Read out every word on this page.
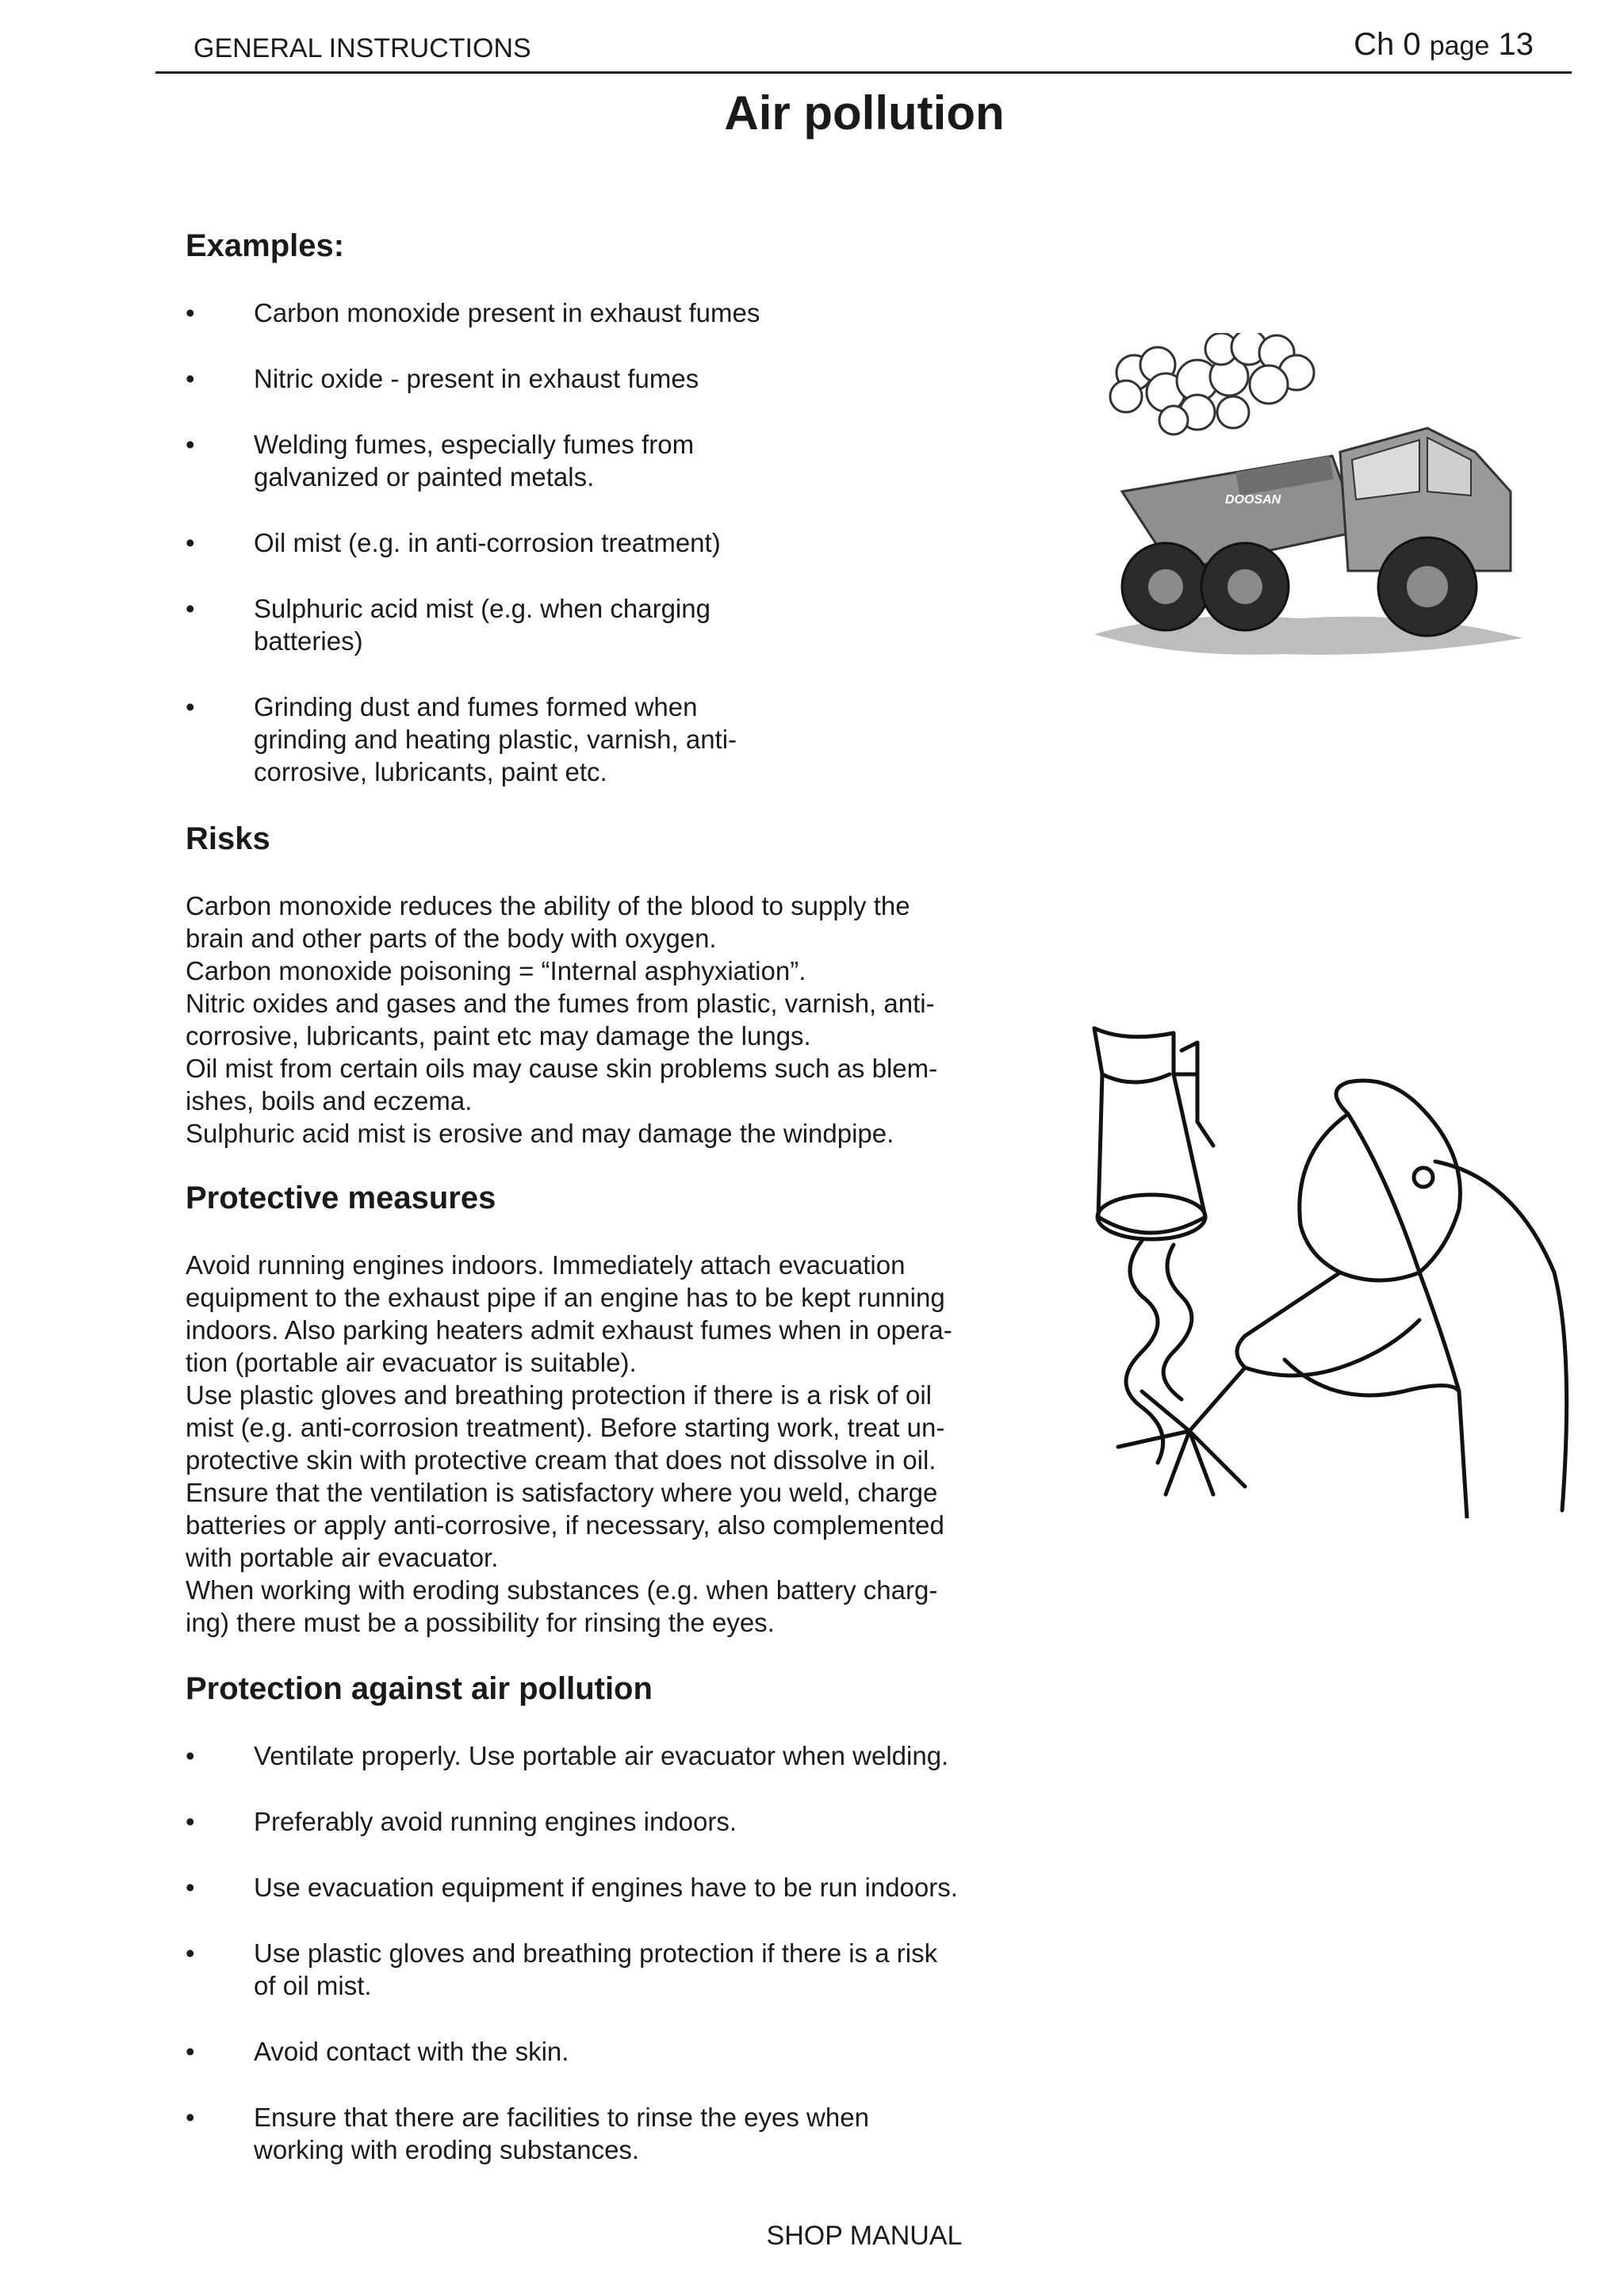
GENERAL INSTRUCTIONS	Ch 0 page 13
Air pollution
Examples:
• Carbon monoxide present in exhaust fumes
• Nitric oxide - present in exhaust fumes
• Welding fumes, especially fumes from
galvanized or painted metals.
• Oil mist (e.g. in anti-corrosion treatment)
• Sulphuric acid mist (e.g. when charging
batteries)
• Grinding dust and fumes formed when
grinding and heating plastic, varnish, anti-
corrosive, lubricants, paint etc.
Risks

Carbon monoxide reduces the ability of the blood to supply the
brain and other parts of the body with oxygen.
Carbon monoxide poisoning = “Internal asphyxiation”.
Nitric oxides and gases and the fumes from plastic, varnish, anti-
corrosive, lubricants, paint etc may damage the lungs.
Oil mist from certain oils may cause skin problems such as blem-
ishes, boils and eczema.
Sulphuric acid mist is erosive and may damage the windpipe.

Protective measures

Avoid running engines indoors. Immediately attach evacuation
equipment to the exhaust pipe if an engine has to be kept running
indoors. Also parking heaters admit exhaust fumes when in opera-
tion (portable air evacuator is suitable).
Use plastic gloves and breathing protection if there is a risk of oil
mist (e.g. anti-corrosion treatment). Before starting work, treat un-
protective skin with protective cream that does not dissolve in oil.
Ensure that the ventilation is satisfactory where you weld, charge
batteries or apply anti-corrosive, if necessary, also complemented
with portable air evacuator.
When working with eroding substances (e.g. when battery charg-
ing) there must be a possibility for rinsing the eyes.

Protection against air pollution
• Ventilate properly. Use portable air evacuator when welding.
• Preferably avoid running engines indoors.
• Use evacuation equipment if engines have to be run indoors.
• Use plastic gloves and breathing protection if there is a risk
of oil mist.
• Avoid contact with the skin.
• Ensure that there are facilities to rinse the eyes when
working with eroding substances.
DOOSAN
SHOP MANUAL
